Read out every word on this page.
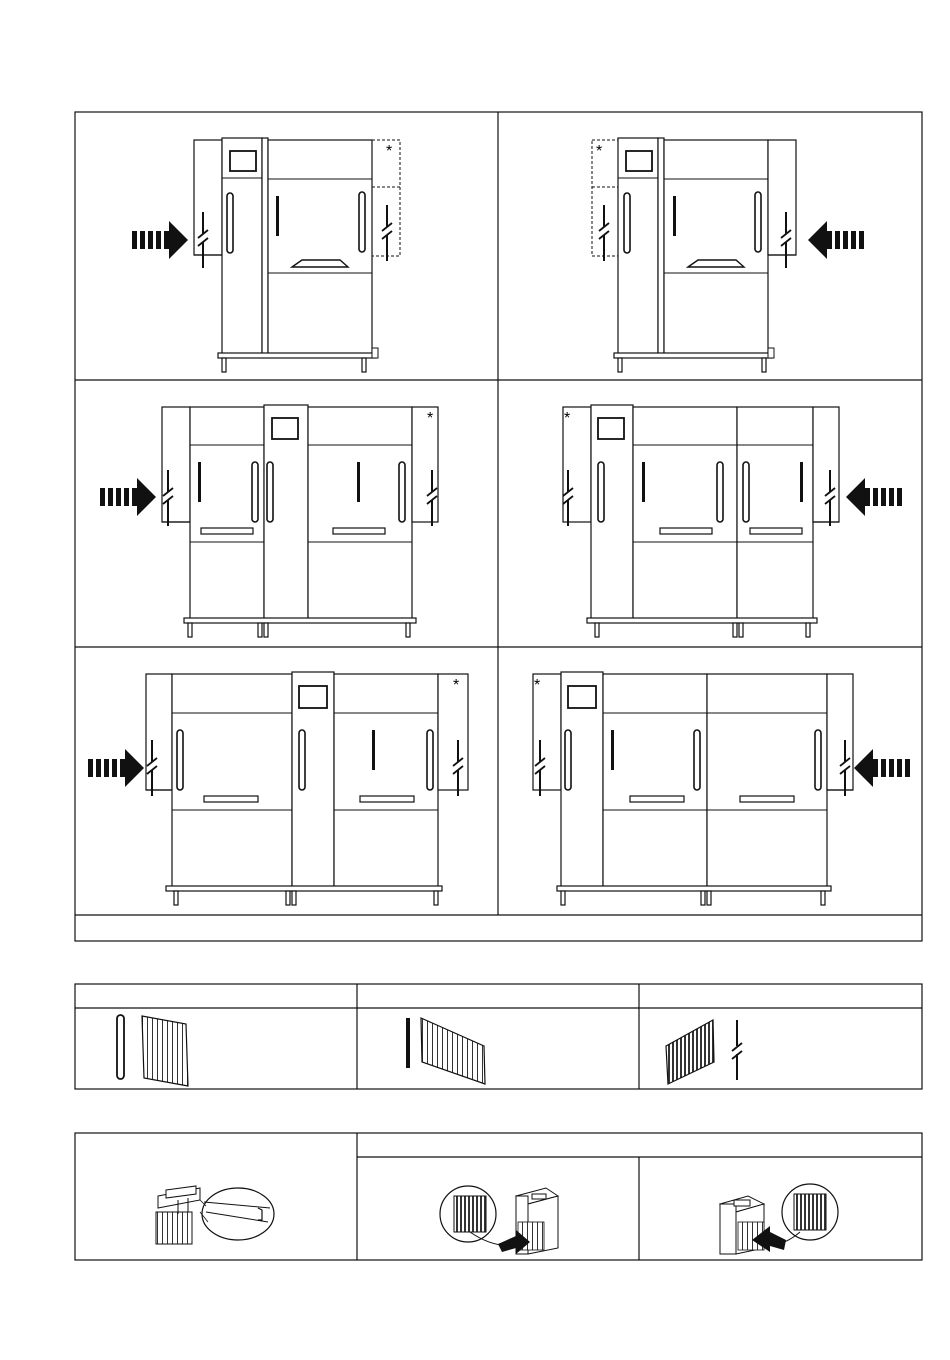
*	*
*	*
*	*
